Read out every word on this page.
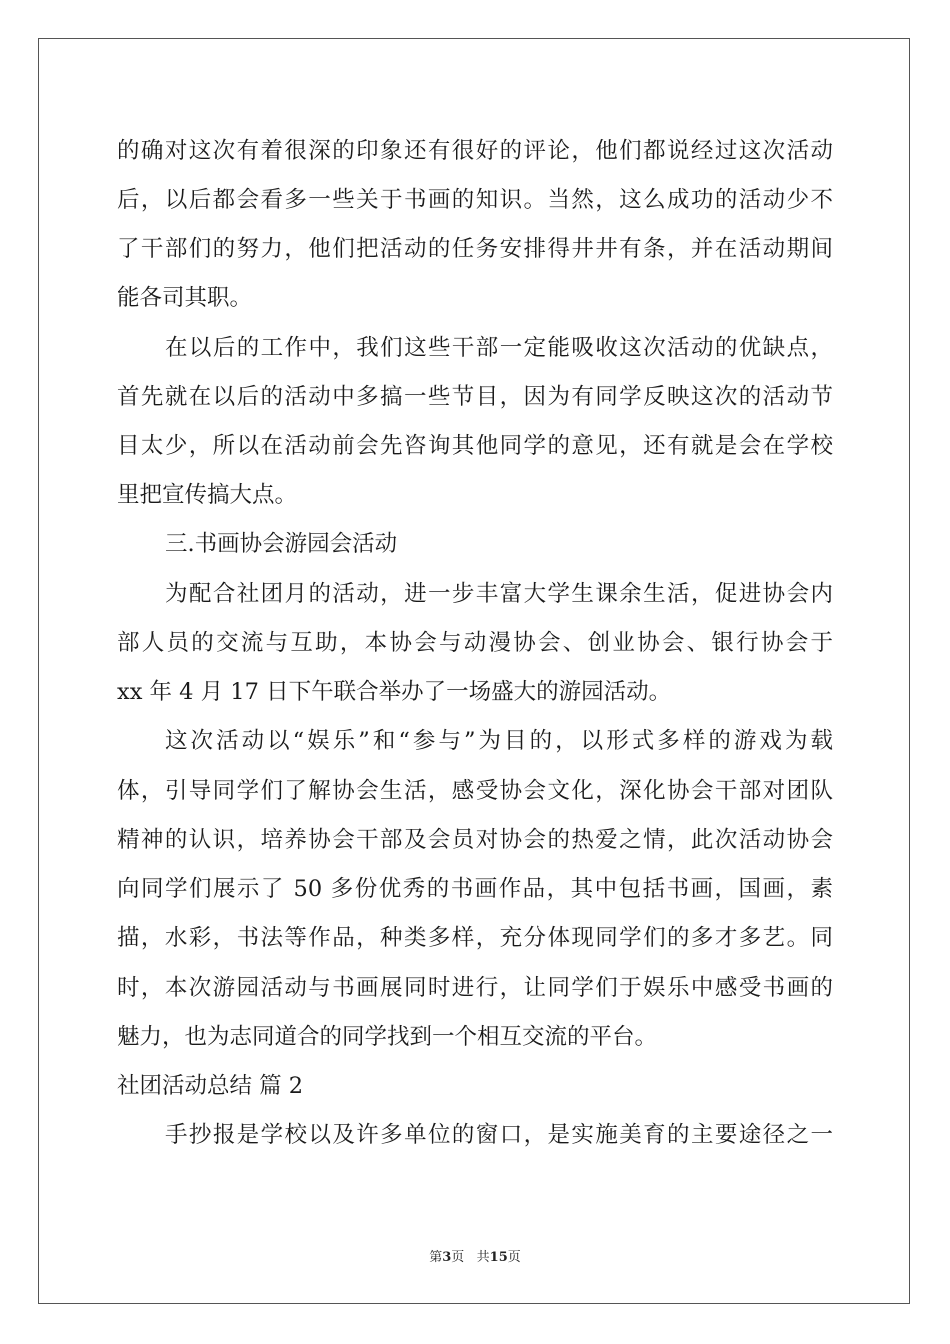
的确对这次有着很深的印象还有很好的评论，他们都说经过这次活动

后，以后都会看多一些关于书画的知识。当然，这么成功的活动少不

了干部们的努力，他们把活动的任务安排得井井有条，并在活动期间

能各司其职。

在以后的工作中，我们这些干部一定能吸收这次活动的优缺点，

首先就在以后的活动中多搞一些节目，因为有同学反映这次的活动节

目太少，所以在活动前会先咨询其他同学的意见，还有就是会在学校

里把宣传搞大点。

三.书画协会游园会活动

为配合社团月的活动，进一步丰富大学生课余生活，促进协会内

部人员的交流与互助，本协会与动漫协会、创业协会、银行协会于

xx 年 4 月 17 日下午联合举办了一场盛大的游园活动。

这次活动以“娱乐”和“参与”为目的，以形式多样的游戏为载

体，引导同学们了解协会生活，感受协会文化，深化协会干部对团队

精神的认识，培养协会干部及会员对协会的热爱之情，此次活动协会

向同学们展示了 50 多份优秀的书画作品，其中包括书画，国画，素

描，水彩，书法等作品，种类多样，充分体现同学们的多才多艺。同

时，本次游园活动与书画展同时进行，让同学们于娱乐中感受书画的

魅力，也为志同道合的同学找到一个相互交流的平台。

社团活动总结 篇 2

手抄报是学校以及许多单位的窗口，是实施美育的主要途径之一

第3页   共15页
